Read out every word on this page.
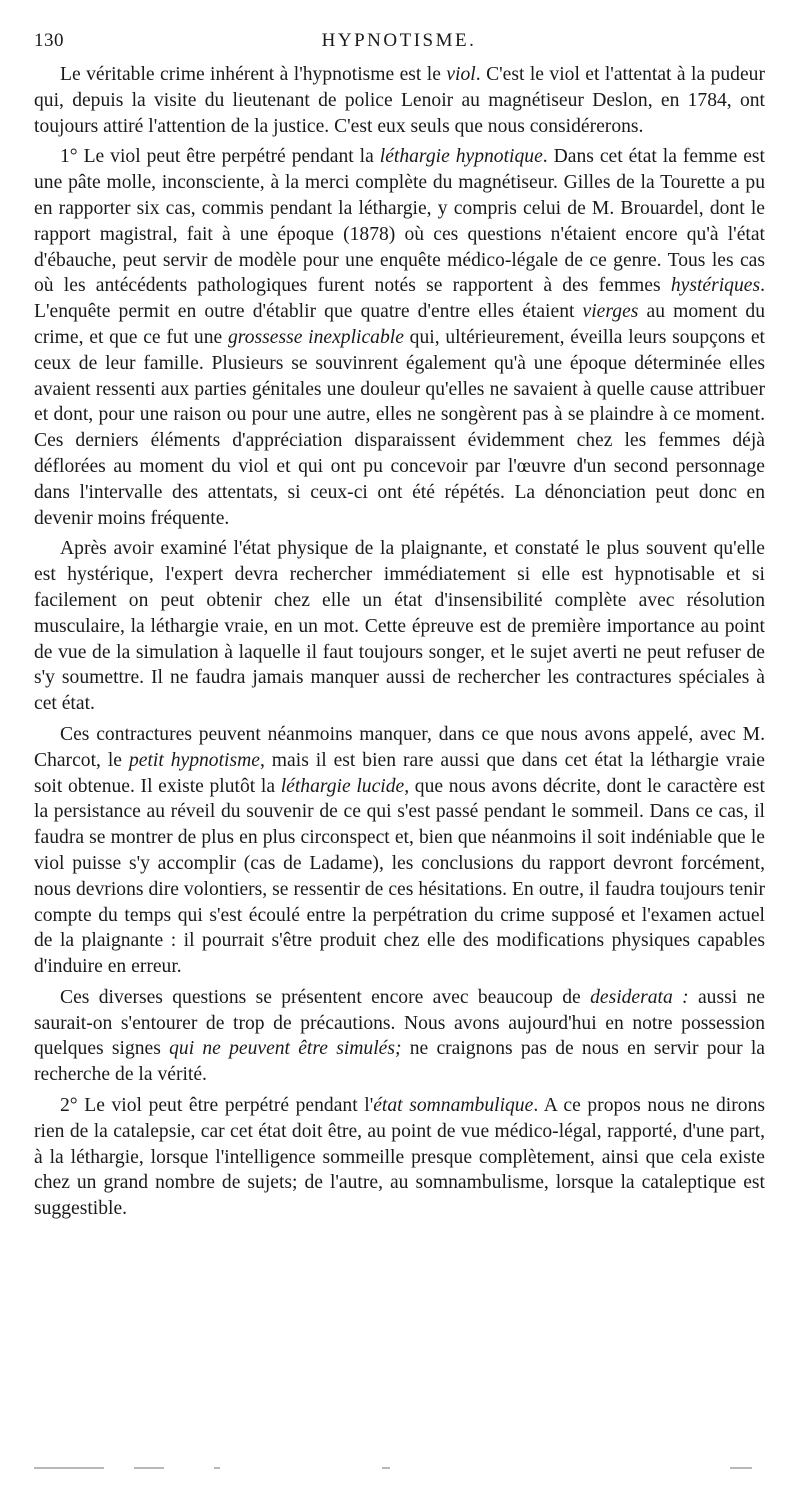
130	HYPNOTISME.

Le véritable crime inhérent à l'hypnotisme est le viol. C'est le viol et l'attentat à la pudeur qui, depuis la visite du lieutenant de police Lenoir au magnétiseur Deslon, en 1784, ont toujours attiré l'attention de la justice. C'est eux seuls que nous considérerons.

1° Le viol peut être perpétré pendant la léthargie hypnotique. Dans cet état la femme est une pâte molle, inconsciente, à la merci complète du magnétiseur. Gilles de la Tourette a pu en rapporter six cas, commis pendant la léthargie, y compris celui de M. Brouardel, dont le rapport magistral, fait à une époque (1878) où ces questions n'étaient encore qu'à l'état d'ébauche, peut servir de modèle pour une enquête médico-légale de ce genre. Tous les cas où les antécédents pathologiques furent notés se rapportent à des femmes hystériques. L'enquête permit en outre d'établir que quatre d'entre elles étaient vierges au moment du crime, et que ce fut une grossesse inexplicable qui, ultérieurement, éveilla leurs soupçons et ceux de leur famille. Plusieurs se souvinrent également qu'à une époque déterminée elles avaient ressenti aux parties génitales une douleur qu'elles ne savaient à quelle cause attribuer et dont, pour une raison ou pour une autre, elles ne songèrent pas à se plaindre à ce moment. Ces derniers éléments d'appréciation disparaissent évidemment chez les femmes déjà déflorées au moment du viol et qui ont pu concevoir par l'œuvre d'un second personnage dans l'intervalle des attentats, si ceux-ci ont été répétés. La dénonciation peut donc en devenir moins fréquente.

Après avoir examiné l'état physique de la plaignante, et constaté le plus souvent qu'elle est hystérique, l'expert devra rechercher immédiatement si elle est hypnotisable et si facilement on peut obtenir chez elle un état d'insensibilité complète avec résolution musculaire, la léthargie vraie, en un mot. Cette épreuve est de première importance au point de vue de la simulation à laquelle il faut toujours songer, et le sujet averti ne peut refuser de s'y soumettre. Il ne faudra jamais manquer aussi de rechercher les contractures spéciales à cet état.

Ces contractures peuvent néanmoins manquer, dans ce que nous avons appelé, avec M. Charcot, le petit hypnotisme, mais il est bien rare aussi que dans cet état la léthargie vraie soit obtenue. Il existe plutôt la léthargie lucide, que nous avons décrite, dont le caractère est la persistance au réveil du souvenir de ce qui s'est passé pendant le sommeil. Dans ce cas, il faudra se montrer de plus en plus circonspect et, bien que néanmoins il soit indéniable que le viol puisse s'y accomplir (cas de Ladame), les conclusions du rapport devront forcément, nous devrions dire volontiers, se ressentir de ces hésitations. En outre, il faudra toujours tenir compte du temps qui s'est écoulé entre la perpétration du crime supposé et l'examen actuel de la plaignante : il pourrait s'être produit chez elle des modifications physiques capables d'induire en erreur.

Ces diverses questions se présentent encore avec beaucoup de desiderata : aussi ne saurait-on s'entourer de trop de précautions. Nous avons aujourd'hui en notre possession quelques signes qui ne peuvent être simulés; ne craignons pas de nous en servir pour la recherche de la vérité.

2° Le viol peut être perpétré pendant l'état somnambulique. A ce propos nous ne dirons rien de la catalepsie, car cet état doit être, au point de vue médico-légal, rapporté, d'une part, à la léthargie, lorsque l'intelligence sommeille presque complètement, ainsi que cela existe chez un grand nombre de sujets; de l'autre, au somnambulisme, lorsque la cataleptique est suggestible.
